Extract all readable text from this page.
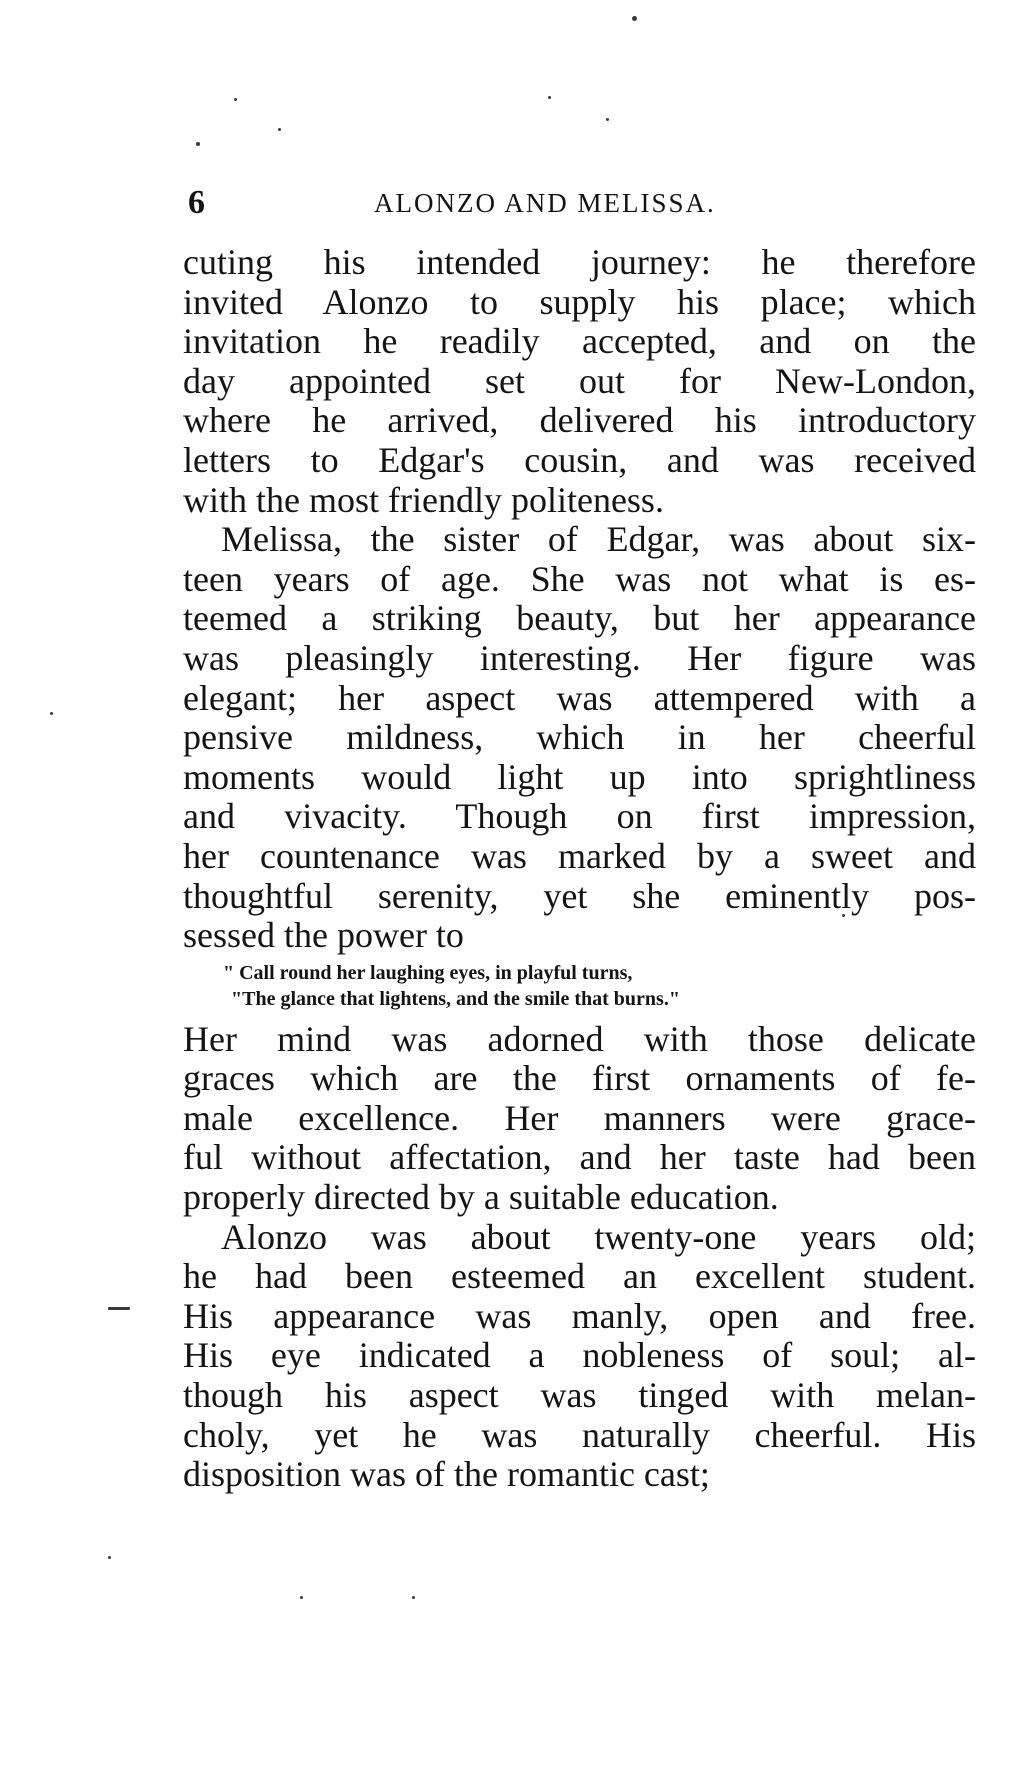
6	ALONZO AND MELISSA.
cuting his intended journey: he therefore
invited Alonzo to supply his place; which
invitation he readily accepted, and on the
day appointed set out for New-London,
where he arrived, delivered his introductory
letters to Edgar's cousin, and was received
with the most friendly politeness.
Melissa, the sister of Edgar, was about six-
teen years of age. She was not what is es-
teemed a striking beauty, but her appearance
was pleasingly interesting. Her figure was
elegant; her aspect was attempered with a
pensive mildness, which in her cheerful
moments would light up into sprightliness
and vivacity. Though on first impression,
her countenance was marked by a sweet and
thoughtful serenity, yet she eminently pos-
sessed the power to
" Call round her laughing eyes, in playful turns,
"The glance that lightens, and the smile that burns."
Her mind was adorned with those delicate
graces which are the first ornaments of fe-
male excellence. Her manners were grace-
ful without affectation, and her taste had been
properly directed by a suitable education.
Alonzo was about twenty-one years old;
he had been esteemed an excellent student.
His appearance was manly, open and free.
His eye indicated a nobleness of soul; al-
though his aspect was tinged with melan-
choly, yet he was naturally cheerful. His
disposition was of the romantic cast;
